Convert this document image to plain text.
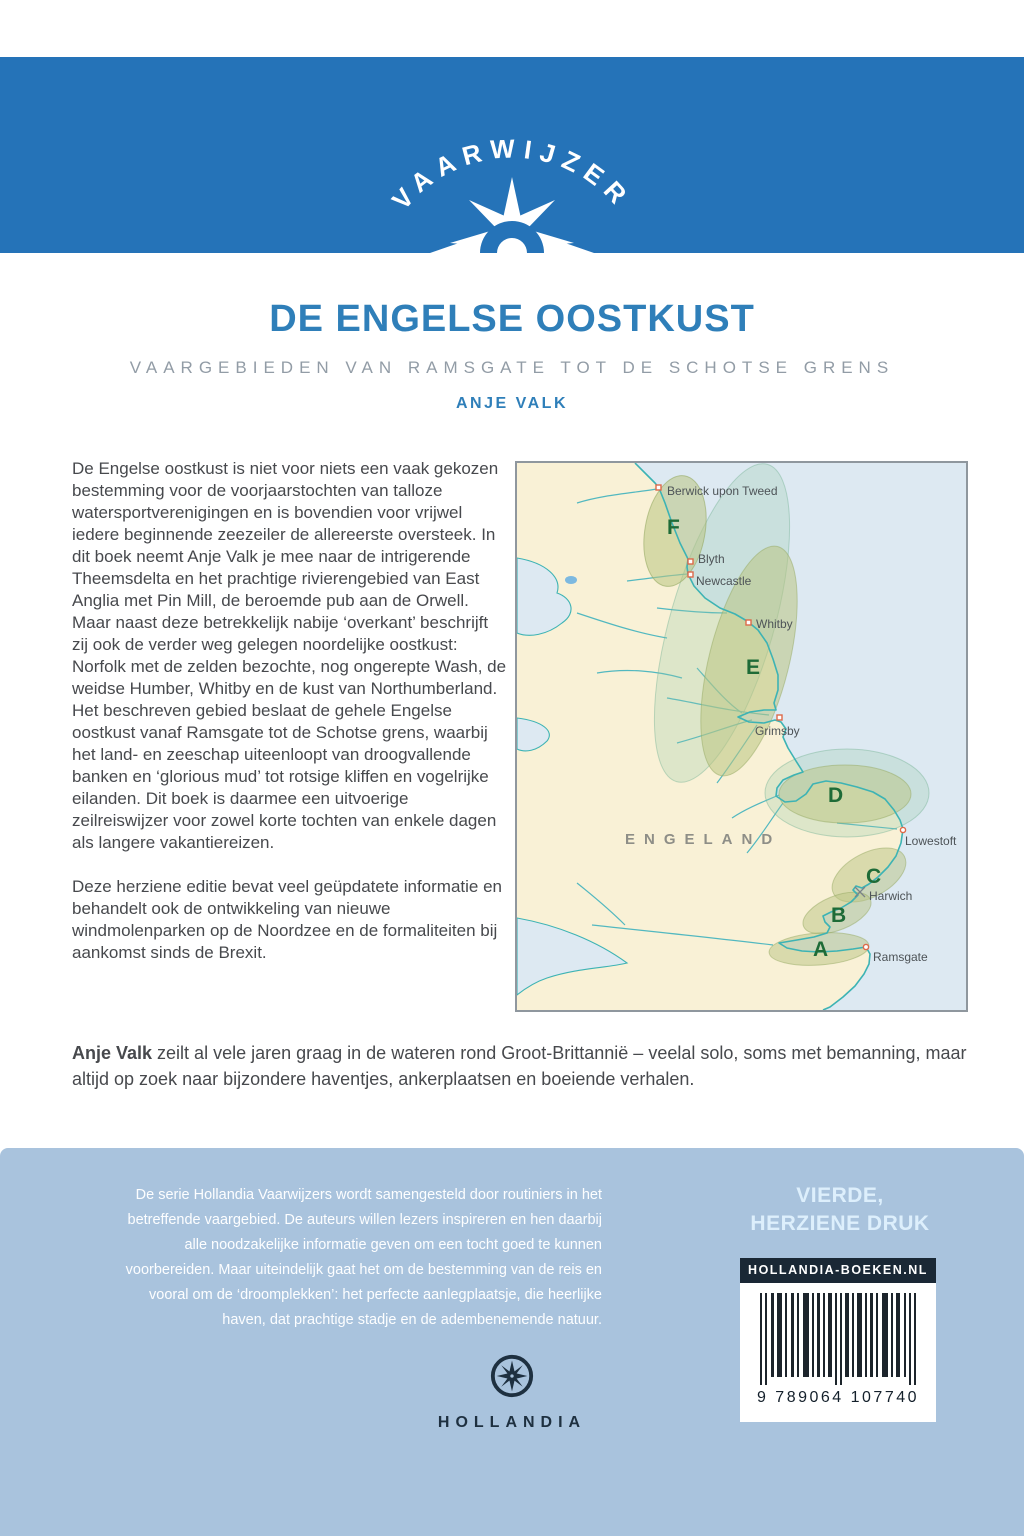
VAARWIJZER
DE ENGELSE OOSTKUST
VAARGEBIEDEN VAN RAMSGATE TOT DE SCHOTSE GRENS
ANJE VALK

De Engelse oostkust is niet voor niets een vaak gekozen bestemming voor de voorjaarstochten van talloze watersportverenigingen en is bovendien voor vrijwel iedere beginnende zeezeiler de allereerste oversteek. In dit boek neemt Anje Valk je mee naar de intrigerende Theemsdelta en het prachtige rivierengebied van East Anglia met Pin Mill, de beroemde pub aan de Orwell. Maar naast deze betrekkelijk nabije ‘overkant’ beschrijft zij ook de verder weg gelegen noordelijke oostkust: Norfolk met de zelden bezochte, nog ongerepte Wash, de weidse Humber, Whitby en de kust van Northumberland. Het beschreven gebied beslaat de gehele Engelse oostkust vanaf Ramsgate tot de Schotse grens, waarbij het land- en zeeschap uiteenloopt van droogvallende banken en ‘glorious mud’ tot rotsige kliffen en vogelrijke eilanden. Dit boek is daarmee een uitvoerige zeilreiswijzer voor zowel korte tochten van enkele dagen als langere vakantiereizen.

Deze herziene editie bevat veel geüpdatete informatie en behandelt ook de ontwikkeling van nieuwe windmolenparken op de Noordzee en de formaliteiten bij aankomst sinds de Brexit.	A
B
C
D
E
F
Berwick upon Tweed
Blyth
Newcastle
Whitby
Grimsby
Lowestoft
Harwich
Ramsgate
ENGELAND
Anje Valk zeilt al vele jaren graag in de wateren rond Groot-Brittannië – veelal solo, soms met bemanning, maar altijd op zoek naar bijzondere haventjes, ankerplaatsen en boeiende verhalen.
De serie Hollandia Vaarwijzers wordt samengesteld door routiniers in het betreffende vaargebied. De auteurs willen lezers inspireren en hen daarbij alle noodzakelijke informatie geven om een tocht goed te kunnen voorbereiden. Maar uiteindelijk gaat het om de bestemming van de reis en vooral om de ‘droomplekken’: het perfecte aanlegplaatsje, die heerlijke haven, dat prachtige stadje en de adembenemende natuur.
VIERDE,
HERZIENE DRUK
HOLLANDIA-BOEKEN.NL
9 789064 107740
HOLLANDIA
